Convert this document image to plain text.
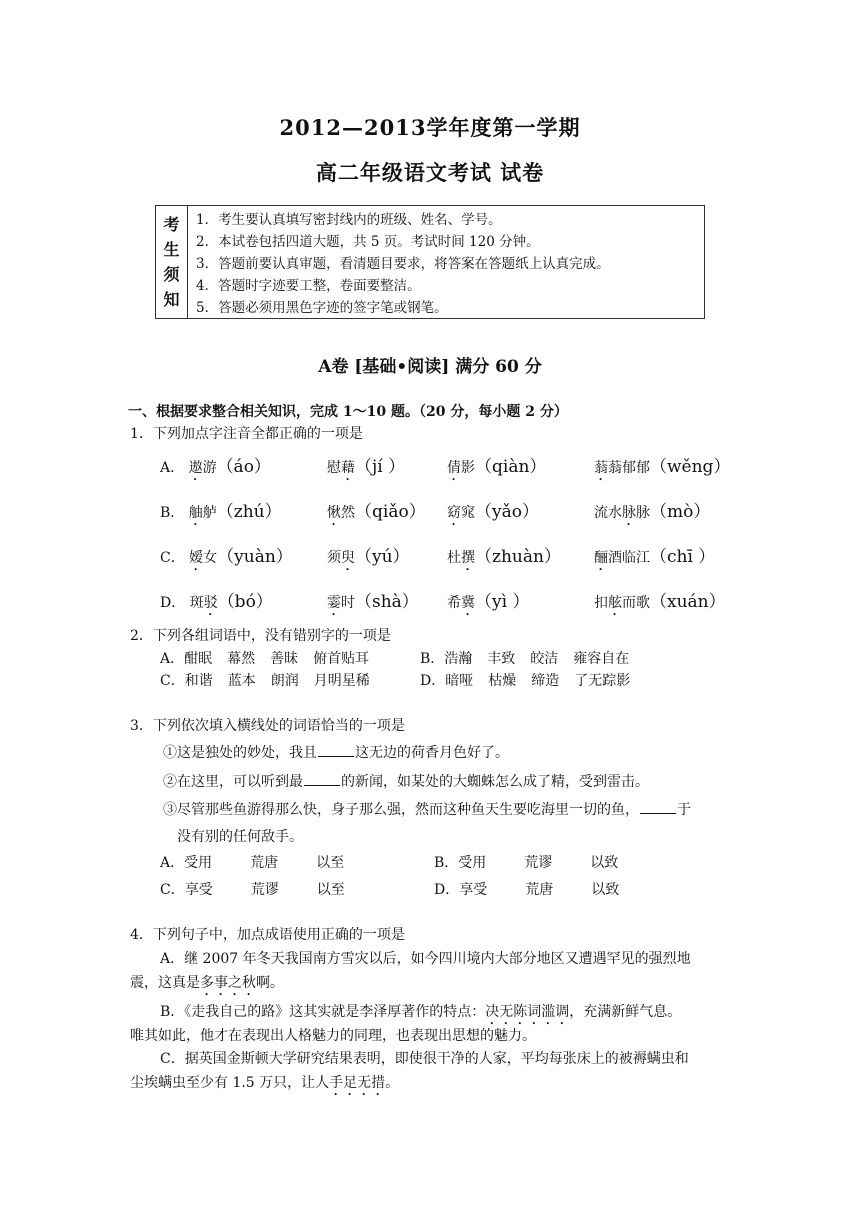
2012—2013学年度第一学期
高二年级语文考试 试卷
考
生
须
知
1．考生要认真填写密封线内的班级、姓名、学号。
2．本试卷包括四道大题，共 5 页。考试时间 120 分钟。
3．答题前要认真审题，看清题目要求，将答案在答题纸上认真完成。
4．答题时字迹要工整，卷面要整洁。
5．答题必须用黑色字迹的签字笔或钢笔。
A卷 [基础•阅读] 满分 60 分
一、根据要求整合相关知识，完成 1～10 题。（20 分，每小题 2 分）
1．下列加点字注音全都正确的一项是
A． 遨游（áo）	慰藉（jí ）	倩影（qiàn）	蓊蓊郁郁（wěng）
B． 舳舻（zhú）	愀然（qiǎo） 窈窕（yǎo）	流水脉脉（mò）
C． 嫒女（yuàn） 须臾（yú）	杜撰（zhuàn） 酾酒临江（chī ）
D． 斑驳（bó）	霎时（shà） 希冀（yì ）	扣舷而歌（xuán）
2．下列各组词语中，没有错别字的一项是
A．酣眠 幕然 善昧 俯首贴耳	B．浩瀚 丰致 皎洁 雍容自在
C．和谐 蓝本 朗润 月明星稀	D．暗哑 枯燥 缔造 了无踪影
3．下列依次填入横线处的词语恰当的一项是
①这是独处的妙处，我且	这无边的荷香月色好了。
②在这里，可以听到最	的新闻，如某处的大蜘蛛怎么成了精，受到雷击。
③尽管那些鱼游得那么快，身子那么强，然而这种鱼天生要吃海里一切的鱼，	于
没有别的任何敌手。
A．受用	荒唐	以至	B．受用	荒谬	以致
C．享受	荒谬	以至	D．享受	荒唐	以致
4．下列句子中，加点成语使用正确的一项是
A．继 2007 年冬天我国南方雪灾以后，如今四川境内大部分地区又遭遇罕见的强烈地
震，这真是多事之秋啊。
B．《走我自己的路》这其实就是李泽厚著作的特点：决无陈词滥调，充满新鲜气息。
唯其如此，他才在表现出人格魅力的同理，也表现出思想的魅力。
C．据英国金斯顿大学研究结果表明，即使很干净的人家，平均每张床上的被褥螨虫和
尘埃螨虫至少有 1.5 万只，让人手足无措。
